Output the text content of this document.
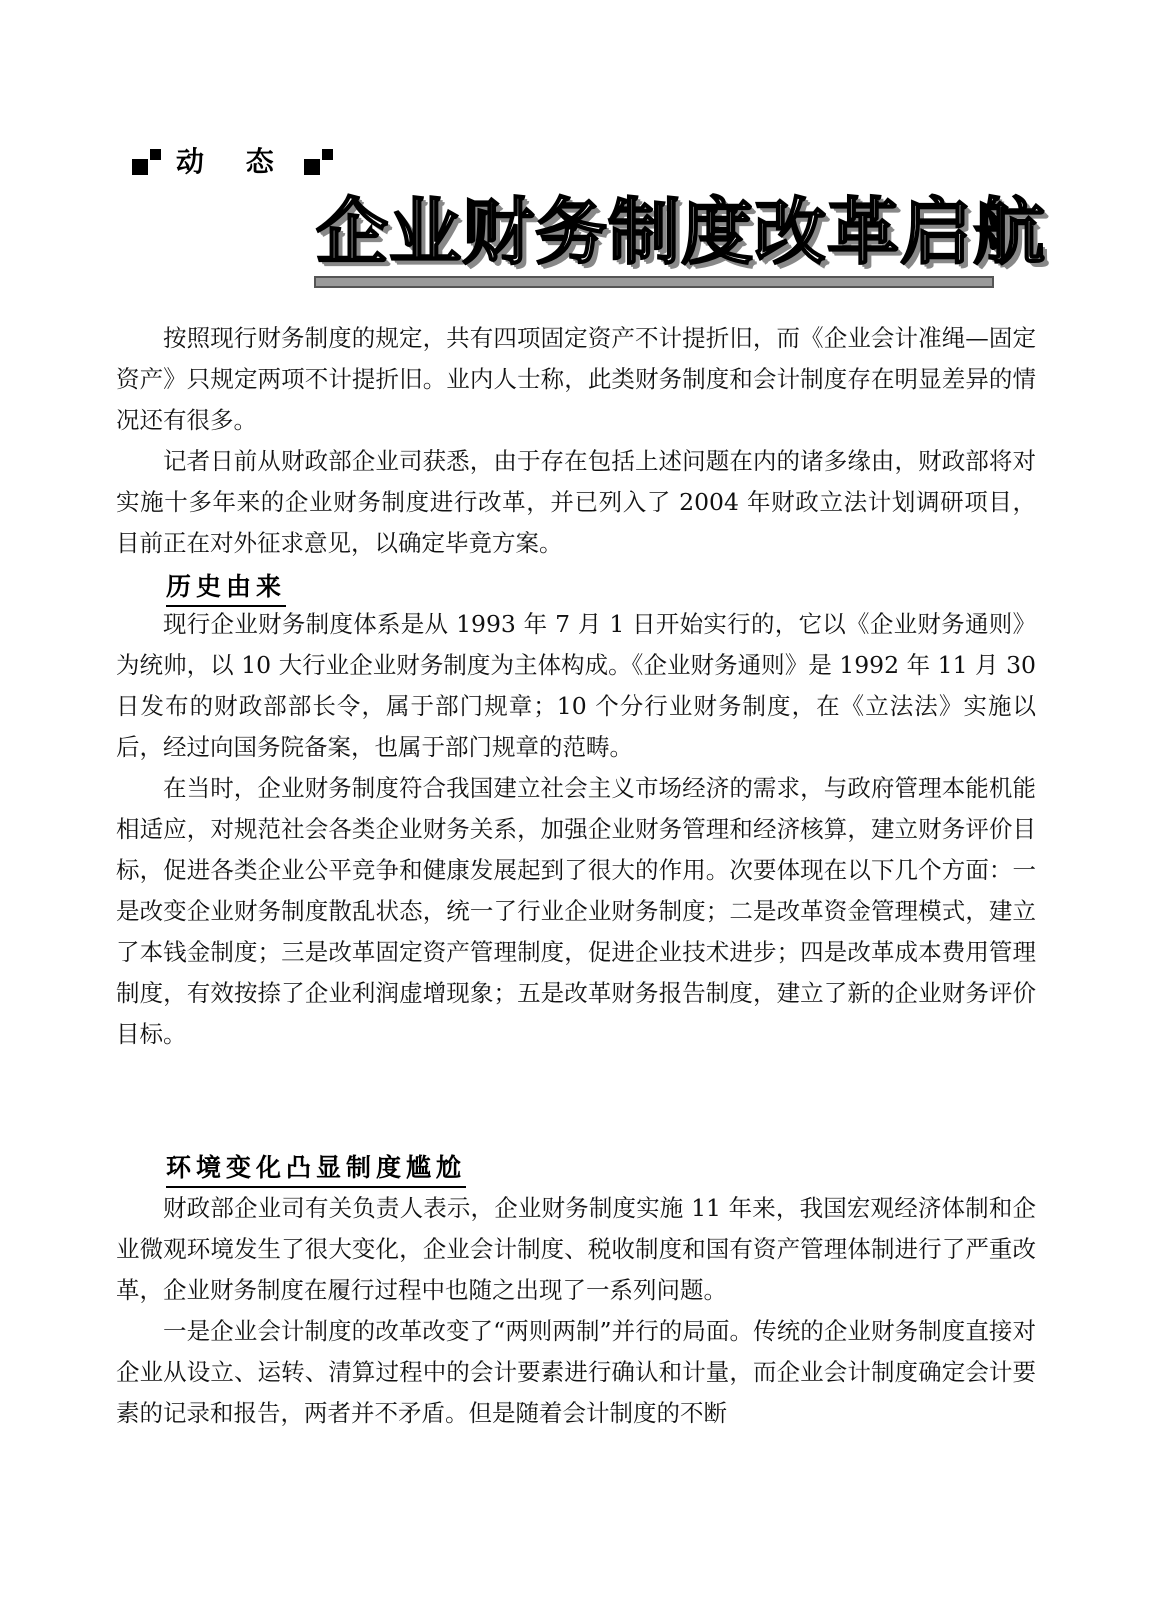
动 态
企业财务制度改革启航

按照现行财务制度的规定，共有四项固定资产不计提折旧，而《企业会计准绳—固定资产》只规定两项不计提折旧。业内人士称，此类财务制度和会计制度存在明显差异的情况还有很多。

记者日前从财政部企业司获悉，由于存在包括上述问题在内的诸多缘由，财政部将对实施十多年来的企业财务制度进行改革，并已列入了 2004 年财政立法计划调研项目，目前正在对外征求意见，以确定毕竟方案。

历史由来

现行企业财务制度体系是从 1993 年 7 月 1 日开始实行的，它以《企业财务通则》为统帅，以 10 大行业企业财务制度为主体构成。《企业财务通则》是 1992 年 11 月 30 日发布的财政部部长令，属于部门规章；10 个分行业财务制度，在《立法法》实施以后，经过向国务院备案，也属于部门规章的范畴。

在当时，企业财务制度符合我国建立社会主义市场经济的需求，与政府管理本能机能相适应，对规范社会各类企业财务关系，加强企业财务管理和经济核算，建立财务评价目标，促进各类企业公平竞争和健康发展起到了很大的作用。次要体现在以下几个方面：一是改变企业财务制度散乱状态，统一了行业企业财务制度；二是改革资金管理模式，建立了本钱金制度；三是改革固定资产管理制度，促进企业技术进步；四是改革成本费用管理制度，有效按捺了企业利润虚增现象；五是改革财务报告制度，建立了新的企业财务评价目标。

环境变化凸显制度尴尬

财政部企业司有关负责人表示，企业财务制度实施 11 年来，我国宏观经济体制和企业微观环境发生了很大变化，企业会计制度、税收制度和国有资产管理体制进行了严重改革，企业财务制度在履行过程中也随之出现了一系列问题。

一是企业会计制度的改革改变了“两则两制”并行的局面。传统的企业财务制度直接对企业从设立、运转、清算过程中的会计要素进行确认和计量，而企业会计制度确定会计要素的记录和报告，两者并不矛盾。但是随着会计制度的不断
